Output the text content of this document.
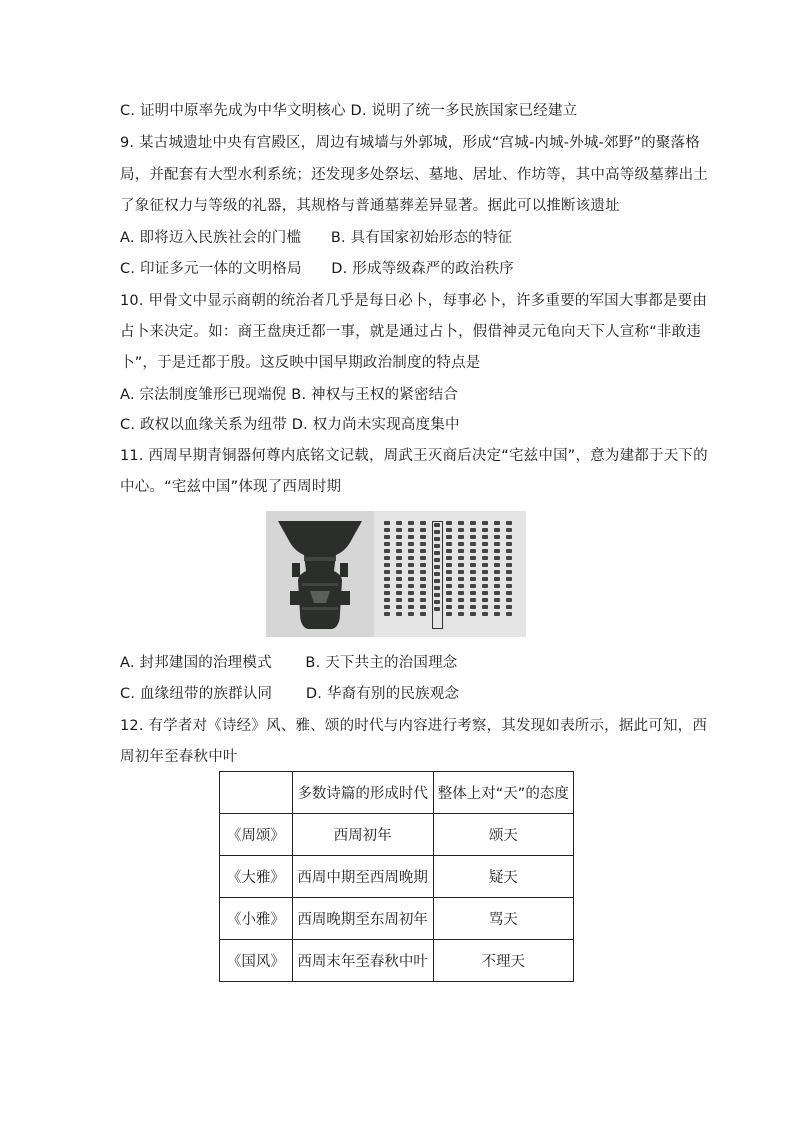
C. 证明中原率先成为中华文明核心 D. 说明了统一多民族国家已经建立
9. 某古城遗址中央有宫殿区，周边有城墙与外郭城，形成“宫城-内城-外城-郊野”的聚落格
局，并配套有大型水利系统；还发现多处祭坛、墓地、居址、作坊等，其中高等级墓葬出土
了象征权力与等级的礼器，其规格与普通墓葬差异显著。据此可以推断该遗址
A. 即将迈入民族社会的门槛 B. 具有国家初始形态的特征
C. 印证多元一体的文明格局 D. 形成等级森严的政治秩序
10. 甲骨文中显示商朝的统治者几乎是每日必卜，每事必卜，许多重要的军国大事都是要由
占卜来决定。如：商王盘庚迁都一事，就是通过占卜，假借神灵元龟向天下人宣称“非敢违
卜”，于是迁都于殷。这反映中国早期政治制度的特点是
A. 宗法制度雏形已现端倪 B. 神权与王权的紧密结合
C. 政权以血缘关系为纽带 D. 权力尚未实现高度集中
11. 西周早期青铜器何尊内底铭文记载，周武王灭商后决定“宅兹中国”，意为建都于天下的
中心。“宅兹中国”体现了西周时期
A. 封邦建国的治理模式 B. 天下共主的治国理念
C. 血缘纽带的族群认同 D. 华裔有别的民族观念
12. 有学者对《诗经》风、雅、颂的时代与内容进行考察，其发现如表所示，据此可知，西
周初年至春秋中叶
	多数诗篇的形成时代	整体上对“天”的态度
《周颂》	西周初年	颂天
《大雅》	西周中期至西周晚期	疑天
《小雅》	西周晚期至东周初年	骂天
《国风》	西周末年至春秋中叶	不理天
